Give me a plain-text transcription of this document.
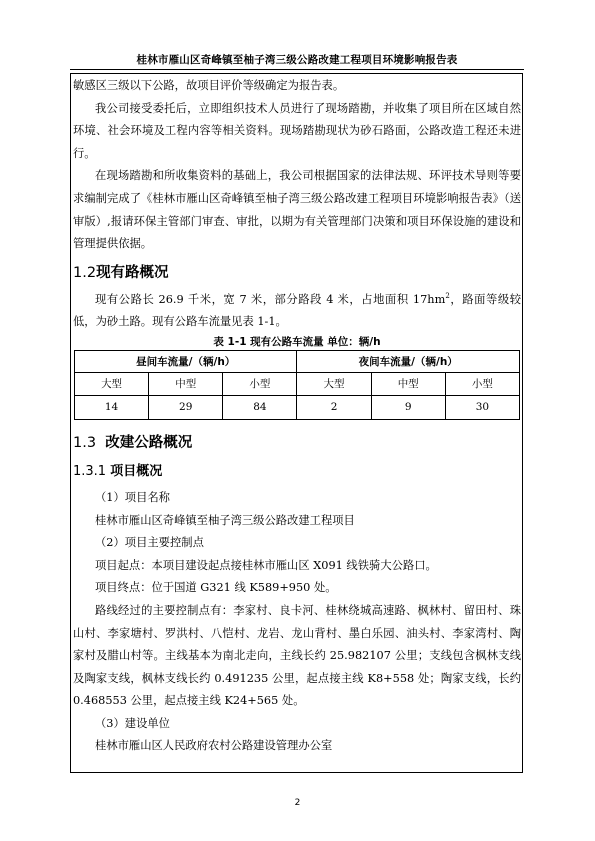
桂林市雁山区奇峰镇至柚子湾三级公路改建工程项目环境影响报告表

敏感区三级以下公路，故项目评价等级确定为报告表。

我公司接受委托后，立即组织技术人员进行了现场踏勘，并收集了项目所在区域自然环境、社会环境及工程内容等相关资料。现场踏勘现状为砂石路面，公路改造工程还未进行。

在现场踏勘和所收集资料的基础上，我公司根据国家的法律法规、环评技术导则等要求编制完成了《桂林市雁山区奇峰镇至柚子湾三级公路改建工程项目环境影响报告表》（送审版）,报请环保主管部门审查、审批，以期为有关管理部门决策和项目环保设施的建设和管理提供依据。

1.2现有路概况

现有公路长 26.9 千米，宽 7 米，部分路段 4 米，占地面积 $17hm^2$，路面等级较低，为砂土路。现有公路车流量见表 1-1。

表 1-1 现有公路车流量 单位：辆/h

昼间车流量/（辆/h）			夜间车流量/（辆/h）		
大型	中型	小型	大型	中型	小型
14	29	84	2	9	30
1.3 改建公路概况
1.3.1 项目概况

（1）项目名称

桂林市雁山区奇峰镇至柚子湾三级公路改建工程项目

（2）项目主要控制点

项目起点：本项目建设起点接桂林市雁山区 X091 线铁骑大公路口。

项目终点：位于国道 G321 线 K589+950 处。

路线经过的主要控制点有：李家村、良卡河、桂林绕城高速路、枫林村、留田村、珠山村、李家塘村、罗洪村、八恺村、龙岩、龙山背村、墨白乐园、油头村、李家湾村、陶家村及腊山村等。主线基本为南北走向，主线长约 25.982107 公里；支线包含枫林支线及陶家支线，枫林支线长约 0.491235 公里，起点接主线 K8+558 处；陶家支线，长约 0.468553 公里，起点接主线 K24+565 处。

（3）建设单位

桂林市雁山区人民政府农村公路建设管理办公室

2
